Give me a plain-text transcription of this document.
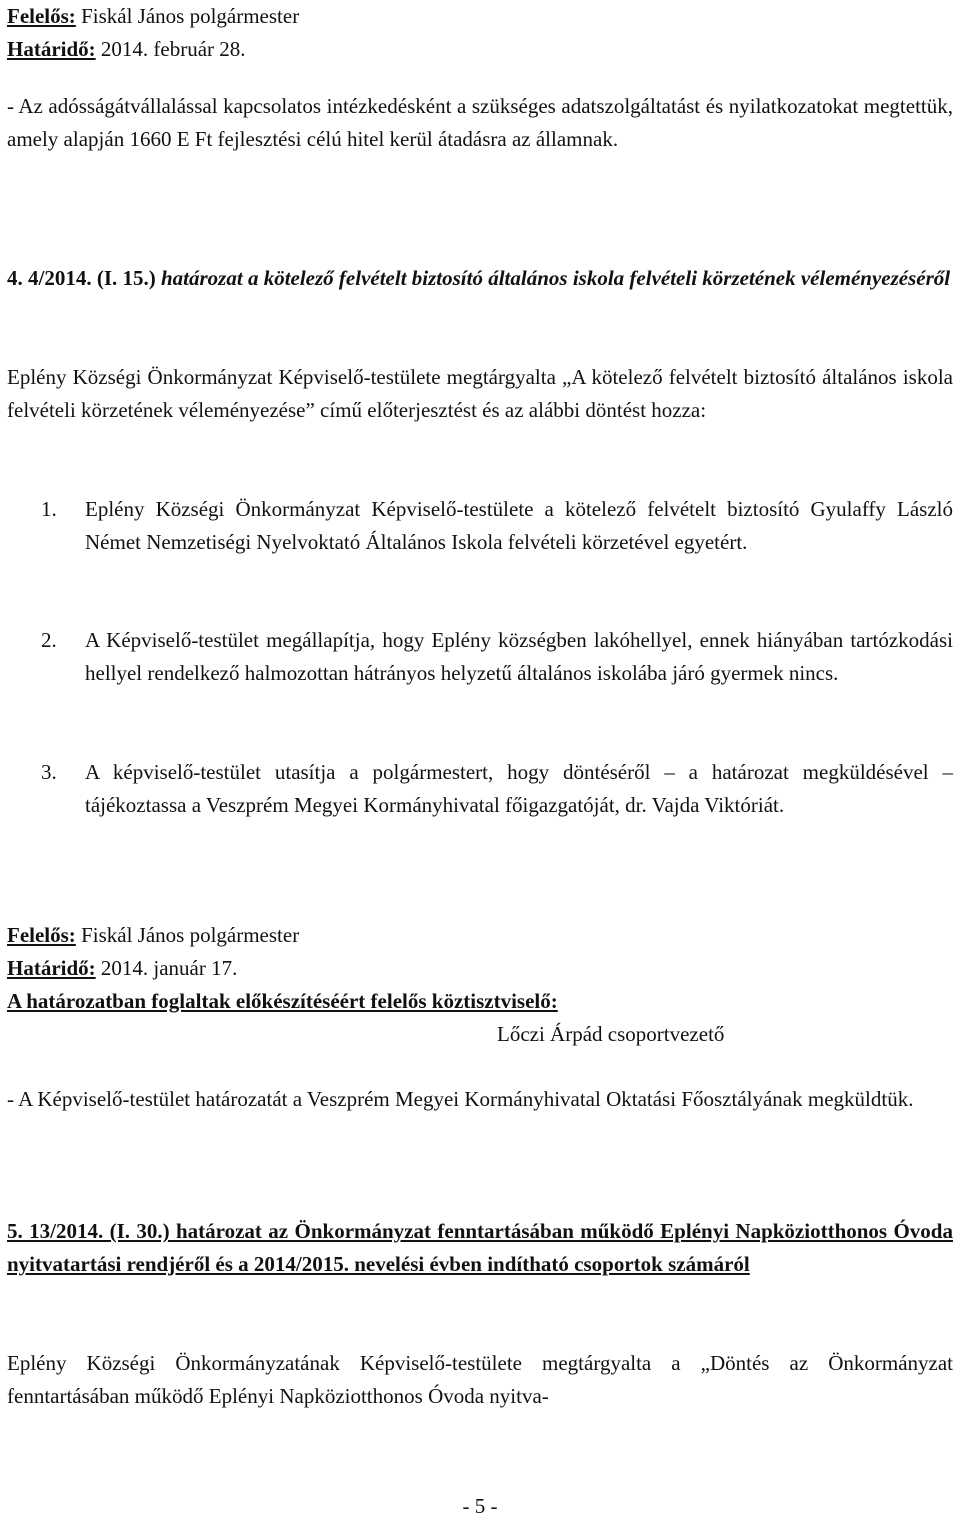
Felelős: Fiskál János polgármester

Határidő: 2014. február 28.

- Az adósságátvállalással kapcsolatos intézkedésként a szükséges adatszolgáltatást és nyilatkozatokat megtettük, amely alapján 1660 E Ft fejlesztési célú hitel kerül átadásra az államnak.

4. 4/2014. (I. 15.) határozat a kötelező felvételt biztosító általános iskola felvételi körzetének véleményezéséről

Eplény Községi Önkormányzat Képviselő-testülete megtárgyalta „A kötelező felvételt biztosító általános iskola felvételi körzetének véleményezése” című előterjesztést és az alábbi döntést hozza:

1.	Eplény Községi Önkormányzat Képviselő-testülete a kötelező felvételt biztosító Gyulaffy László Német Nemzetiségi Nyelvoktató Általános Iskola felvételi körzetével egyetért.
2.	A Képviselő-testület megállapítja, hogy Eplény községben lakóhellyel, ennek hiányában tartózkodási hellyel rendelkező halmozottan hátrányos helyzetű általános iskolába járó gyermek nincs.
3.	A képviselő-testület utasítja a polgármestert, hogy döntéséről – a határozat megküldésével – tájékoztassa a Veszprém Megyei Kormányhivatal főigazgatóját, dr. Vajda Viktóriát.

Felelős: Fiskál János polgármester

Határidő: 2014. január 17.

A határozatban foglaltak előkészítéséért felelős köztisztviselő:

Lőczi Árpád csoportvezető

- A Képviselő-testület határozatát a Veszprém Megyei Kormányhivatal Oktatási Főosztályának megküldtük.

5. 13/2014. (I. 30.) határozat az Önkormányzat fenntartásában működő Eplényi Napköziotthonos Óvoda nyitvatartási rendjéről és a 2014/2015. nevelési évben indítható csoportok számáról

Eplény Községi Önkormányzatának Képviselő-testülete megtárgyalta a „Döntés az Önkormányzat fenntartásában működő Eplényi Napköziotthonos Óvoda nyitva-

- 5 -
